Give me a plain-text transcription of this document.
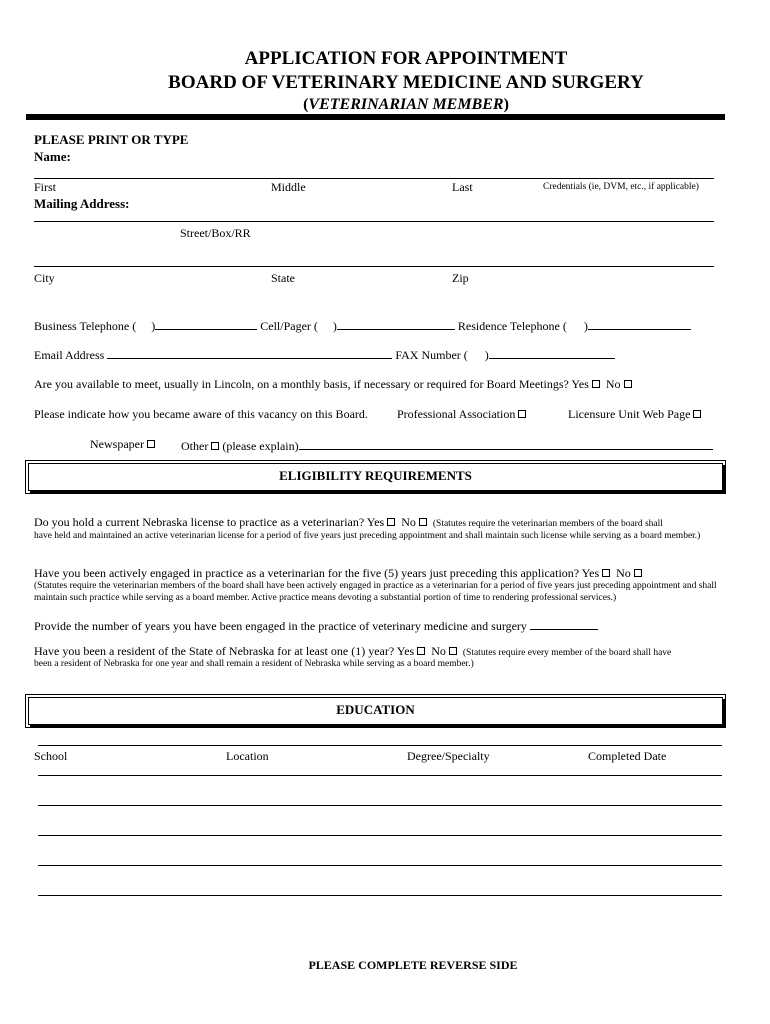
APPLICATION FOR APPOINTMENT
BOARD OF VETERINARY MEDICINE AND SURGERY
(VETERINARIAN MEMBER)
PLEASE PRINT OR TYPE
Name:
First	Middle	Last	Credentials (ie, DVM, etc., if applicable)
Mailing Address:
Street/Box/RR
City	State	Zip
Business Telephone ( )	Cell/Pager ( )	Residence Telephone ( )
Email Address	FAX Number ( )
Are you available to meet, usually in Lincoln, on a monthly basis, if necessary or required for Board Meetings? Yes No
Please indicate how you became aware of this vacancy on this Board. Professional Association	Licensure Unit Web Page
Newspaper	Other (please explain)
ELIGIBILITY REQUIREMENTS
Do you hold a current Nebraska license to practice as a veterinarian? Yes No (Statutes require the veterinarian members of the board shall
have held and maintained an active veterinarian license for a period of five years just preceding appointment and shall maintain such license while serving as a board member.)
Have you been actively engaged in practice as a veterinarian for the five (5) years just preceding this application? Yes No
(Statutes require the veterinarian members of the board shall have been actively engaged in practice as a veterinarian for a period of five years just preceding appointment and shall maintain such practice while serving as a board member. Active practice means devoting a substantial portion of time to rendering professional services.)
Provide the number of years you have been engaged in the practice of veterinary medicine and surgery
Have you been a resident of the State of Nebraska for at least one (1) year? Yes No (Statutes require every member of the board shall have
been a resident of Nebraska for one year and shall remain a resident of Nebraska while serving as a board member.)
EDUCATION
School	Location	Degree/Specialty	Completed Date
PLEASE COMPLETE REVERSE SIDE
